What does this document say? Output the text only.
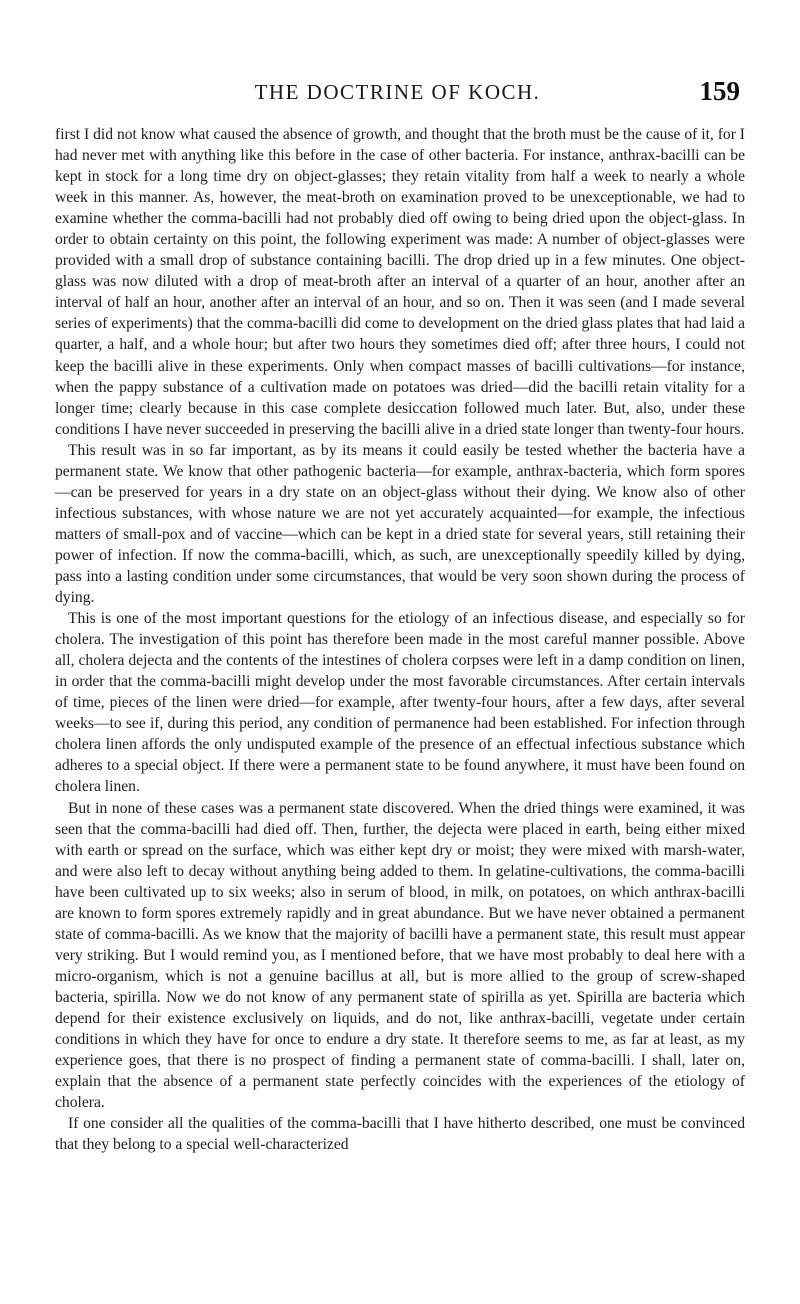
THE DOCTRINE OF KOCH.	159

first I did not know what caused the absence of growth, and thought that the broth must be the cause of it, for I had never met with anything like this before in the case of other bacteria. For instance, anthrax-bacilli can be kept in stock for a long time dry on object-glasses; they retain vitality from half a week to nearly a whole week in this manner. As, however, the meat-broth on examination proved to be unexceptionable, we had to examine whether the comma-bacilli had not probably died off owing to being dried upon the object-glass. In order to obtain certainty on this point, the following experiment was made: A number of object-glasses were provided with a small drop of substance containing bacilli. The drop dried up in a few minutes. One object-glass was now diluted with a drop of meat-broth after an interval of a quarter of an hour, another after an interval of half an hour, another after an interval of an hour, and so on. Then it was seen (and I made several series of experiments) that the comma-bacilli did come to development on the dried glass plates that had laid a quarter, a half, and a whole hour; but after two hours they sometimes died off; after three hours, I could not keep the bacilli alive in these experiments. Only when compact masses of bacilli cultivations—for instance, when the pappy substance of a cultivation made on potatoes was dried—did the bacilli retain vitality for a longer time; clearly because in this case complete desiccation followed much later. But, also, under these conditions I have never succeeded in preserving the bacilli alive in a dried state longer than twenty-four hours.

This result was in so far important, as by its means it could easily be tested whether the bacteria have a permanent state. We know that other pathogenic bacteria—for example, anthrax-bacteria, which form spores—can be preserved for years in a dry state on an object-glass without their dying. We know also of other infectious substances, with whose nature we are not yet accurately acquainted—for example, the infectious matters of small-pox and of vaccine—which can be kept in a dried state for several years, still retaining their power of infection. If now the comma-bacilli, which, as such, are unexceptionally speedily killed by dying, pass into a lasting condition under some circumstances, that would be very soon shown during the process of dying.

This is one of the most important questions for the etiology of an infectious disease, and especially so for cholera. The investigation of this point has therefore been made in the most careful manner possible. Above all, cholera dejecta and the contents of the intestines of cholera corpses were left in a damp condition on linen, in order that the comma-bacilli might develop under the most favorable circumstances. After certain intervals of time, pieces of the linen were dried—for example, after twenty-four hours, after a few days, after several weeks—to see if, during this period, any condition of permanence had been established. For infection through cholera linen affords the only undisputed example of the presence of an effectual infectious substance which adheres to a special object. If there were a permanent state to be found anywhere, it must have been found on cholera linen.

But in none of these cases was a permanent state discovered. When the dried things were examined, it was seen that the comma-bacilli had died off. Then, further, the dejecta were placed in earth, being either mixed with earth or spread on the surface, which was either kept dry or moist; they were mixed with marsh-water, and were also left to decay without anything being added to them. In gelatine-cultivations, the comma-bacilli have been cultivated up to six weeks; also in serum of blood, in milk, on potatoes, on which anthrax-bacilli are known to form spores extremely rapidly and in great abundance. But we have never obtained a permanent state of comma-bacilli. As we know that the majority of bacilli have a permanent state, this result must appear very striking. But I would remind you, as I mentioned before, that we have most probably to deal here with a micro-organism, which is not a genuine bacillus at all, but is more allied to the group of screw-shaped bacteria, spirilla. Now we do not know of any permanent state of spirilla as yet. Spirilla are bacteria which depend for their existence exclusively on liquids, and do not, like anthrax-bacilli, vegetate under certain conditions in which they have for once to endure a dry state. It therefore seems to me, as far at least, as my experience goes, that there is no prospect of finding a permanent state of comma-bacilli. I shall, later on, explain that the absence of a permanent state perfectly coincides with the experiences of the etiology of cholera.

If one consider all the qualities of the comma-bacilli that I have hitherto described, one must be convinced that they belong to a special well-characterized
